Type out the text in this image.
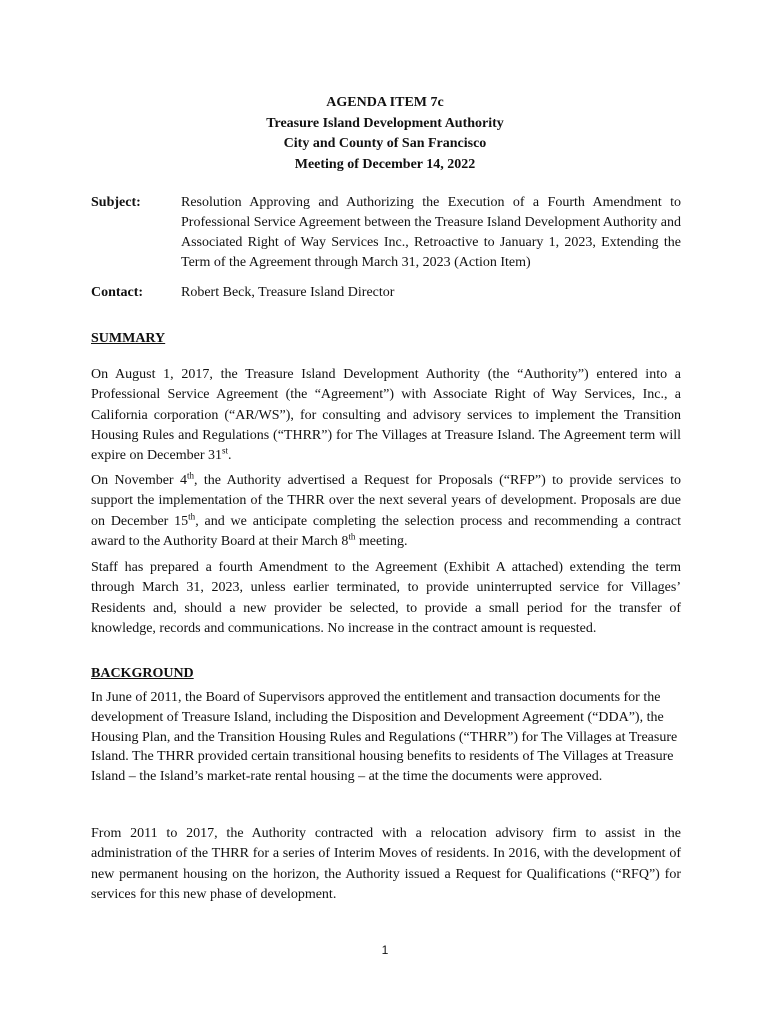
AGENDA ITEM 7c
Treasure Island Development Authority
City and County of San Francisco
Meeting of December 14, 2022
Subject:	Resolution Approving and Authorizing the Execution of a Fourth Amendment to Professional Service Agreement between the Treasure Island Development Authority and Associated Right of Way Services Inc., Retroactive to January 1, 2023, Extending the Term of the Agreement through March 31, 2023 (Action Item)
Contact:	Robert Beck, Treasure Island Director
SUMMARY
On August 1, 2017, the Treasure Island Development Authority (the “Authority”) entered into a Professional Service Agreement (the “Agreement”) with Associate Right of Way Services, Inc., a California corporation (“AR/WS”), for consulting and advisory services to implement the Transition Housing Rules and Regulations (“THRR”) for The Villages at Treasure Island. The Agreement term will expire on December 31st.
On November 4th, the Authority advertised a Request for Proposals (“RFP”) to provide services to support the implementation of the THRR over the next several years of development. Proposals are due on December 15th, and we anticipate completing the selection process and recommending a contract award to the Authority Board at their March 8th meeting.
Staff has prepared a fourth Amendment to the Agreement (Exhibit A attached) extending the term through March 31, 2023, unless earlier terminated, to provide uninterrupted service for Villages’ Residents and, should a new provider be selected, to provide a small period for the transfer of knowledge, records and communications. No increase in the contract amount is requested.
BACKGROUND
In June of 2011, the Board of Supervisors approved the entitlement and transaction documents for the development of Treasure Island, including the Disposition and Development Agreement (“DDA”), the Housing Plan, and the Transition Housing Rules and Regulations (“THRR”) for The Villages at Treasure Island. The THRR provided certain transitional housing benefits to residents of The Villages at Treasure Island – the Island’s market-rate rental housing – at the time the documents were approved.
From 2011 to 2017, the Authority contracted with a relocation advisory firm to assist in the administration of the THRR for a series of Interim Moves of residents. In 2016, with the development of new permanent housing on the horizon, the Authority issued a Request for Qualifications (“RFQ”) for services for this new phase of development.
1
